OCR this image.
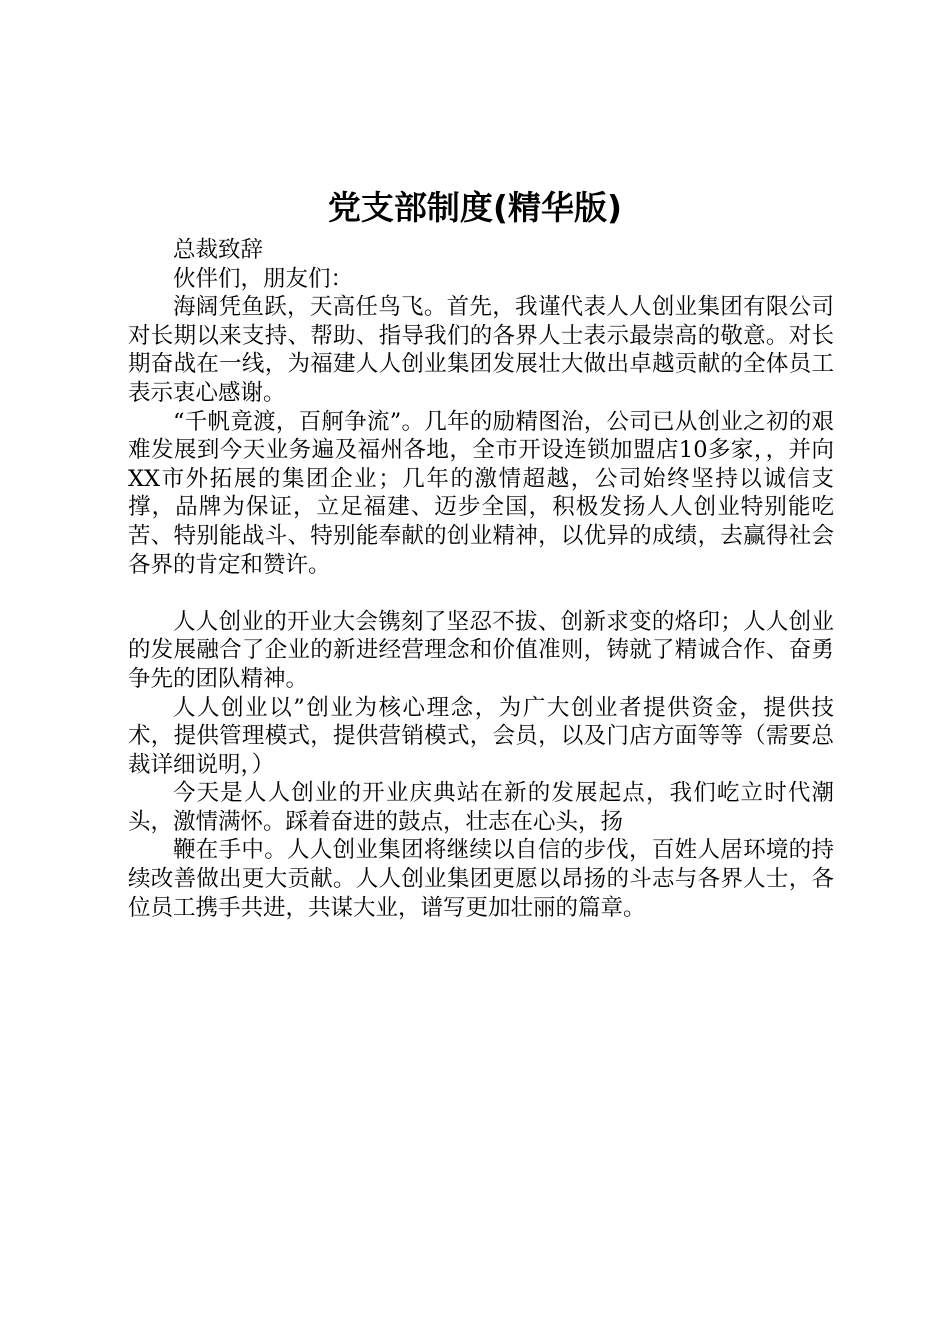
党支部制度(精华版)

总裁致辞

伙伴们，朋友们：

海阔凭鱼跃，天高任鸟飞。首先，我谨代表人人创业集团有限公司对长期以来支持、帮助、指导我们的各界人士表示最崇高的敬意。对长期奋战在一线，为福建人人创业集团发展壮大做出卓越贡献的全体员工表示衷心感谢。

“千帆竟渡，百舸争流”。几年的励精图治，公司已从创业之初的艰难发展到今天业务遍及福州各地，全市开设连锁加盟店10多家，，并向XX市外拓展的集团企业；几年的激情超越，公司始终坚持以诚信支撑，品牌为保证，立足福建、迈步全国，积极发扬人人创业特别能吃苦、特别能战斗、特别能奉献的创业精神，以优异的成绩，去赢得社会各界的肯定和赞许。

人人创业的开业大会镌刻了坚忍不拔、创新求变的烙印；人人创业的发展融合了企业的新进经营理念和价值准则，铸就了精诚合作、奋勇争先的团队精神。

人人创业以”创业为核心理念，为广大创业者提供资金，提供技术，提供管理模式，提供营销模式，会员，以及门店方面等等（需要总裁详细说明，）

今天是人人创业的开业庆典站在新的发展起点，我们屹立时代潮头，激情满怀。踩着奋进的鼓点，壮志在心头，扬

鞭在手中。人人创业集团将继续以自信的步伐，百姓人居环境的持续改善做出更大贡献。人人创业集团更愿以昂扬的斗志与各界人士，各位员工携手共进，共谋大业，谱写更加壮丽的篇章。
